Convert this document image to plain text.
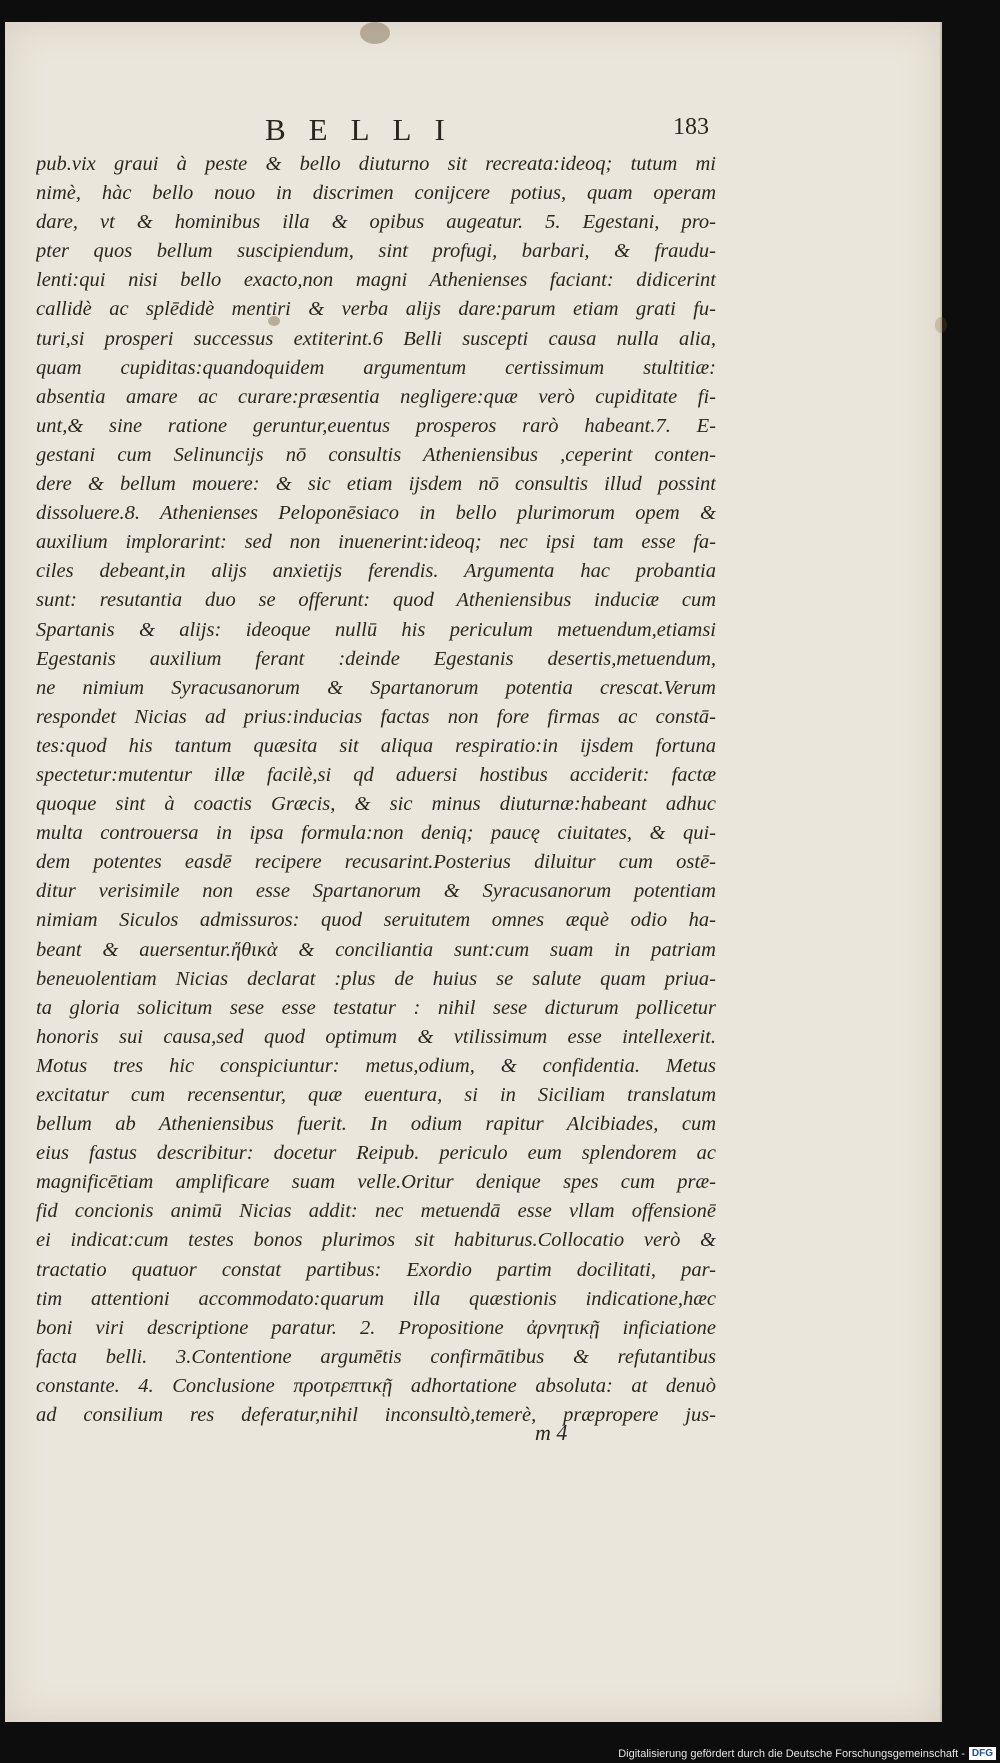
BELLI	183
pub.vix graui à peste & bello diuturno sit recreata:ideoq; tutum mi
nimè, hàc bello nouo in discrimen conijcere potius, quam operam
dare, vt & hominibus illa & opibus augeatur. 5. Egestani, pro-
pter quos bellum suscipiendum, sint profugi, barbari, & fraudu-
lenti:qui nisi bello exacto,non magni Athenienses faciant: didicerint
callidè ac splēdidè mentiri & verba alijs dare:parum etiam grati fu-
turi,si prosperi successus extiterint.6 Belli suscepti causa nulla alia,
quam cupiditas:quandoquidem argumentum certissimum stultitiæ:
absentia amare ac curare:præsentia negligere:quæ verò cupiditate fi-
unt,& sine ratione geruntur,euentus prosperos rarò habeant.7. E-
gestani cum Selinuncijs nō consultis Atheniensibus ,ceperint conten-
dere & bellum mouere: & sic etiam ijsdem nō consultis illud possint
dissoluere.8. Athenienses Peloponēsiaco in bello plurimorum opem &
auxilium implorarint: sed non inuenerint:ideoq; nec ipsi tam esse fa-
ciles debeant,in alijs anxietijs ferendis. Argumenta hac probantia
sunt: resutantia duo se offerunt: quod Atheniensibus induciæ cum
Spartanis & alijs: ideoque nullū his periculum metuendum,etiamsi
Egestanis auxilium ferant :deinde Egestanis desertis,metuendum,
ne nimium Syracusanorum & Spartanorum potentia crescat.Verum
respondet Nicias ad prius:inducias factas non fore firmas ac constā-
tes:quod his tantum quæsita sit aliqua respiratio:in ijsdem fortuna
spectetur:mutentur illæ facilè,si qd aduersi hostibus acciderit: factæ
quoque sint à coactis Græcis, & sic minus diuturnæ:habeant adhuc
multa controuersa in ipsa formula:non deniq; paucę ciuitates, & qui-
dem potentes easdē recipere recusarint.Posterius diluitur cum ostē-
ditur verisimile non esse Spartanorum & Syracusanorum potentiam
nimiam Siculos admissuros: quod seruitutem omnes æquè odio ha-
beant & auersentur.ἤθικὰ & conciliantia sunt:cum suam in patriam
beneuolentiam Nicias declarat :plus de huius se salute quam priua-
ta gloria solicitum sese esse testatur : nihil sese dicturum pollicetur
honoris sui causa,sed quod optimum & vtilissimum esse intellexerit.
Motus tres hic conspiciuntur: metus,odium, & confidentia. Metus
excitatur cum recensentur, quæ euentura, si in Siciliam translatum
bellum ab Atheniensibus fuerit. In odium rapitur Alcibiades, cum
eius fastus describitur: docetur Reipub. periculo eum splendorem ac
magnificētiam amplificare suam velle.Oritur denique spes cum præ-
fid concionis animū Nicias addit: nec metuendā esse vllam offensionē
ei indicat:cum testes bonos plurimos sit habiturus.Collocatio verò &
tractatio quatuor constat partibus: Exordio partim docilitati, par-
tim attentioni accommodato:quarum illa quæstionis indicatione,hæc
boni viri descriptione paratur. 2. Propositione ἀρνητικῇ inficiatione
facta belli. 3.Contentione argumētis confirmātibus & refutantibus
constante. 4. Conclusione προτρεπτικῇ adhortatione absoluta: at denuò
ad consilium res deferatur,nihil inconsultò,temerè, præpropere jus-
m 4
Digitalisierung gefördert durch die Deutsche Forschungsgemeinschaft - DFG
